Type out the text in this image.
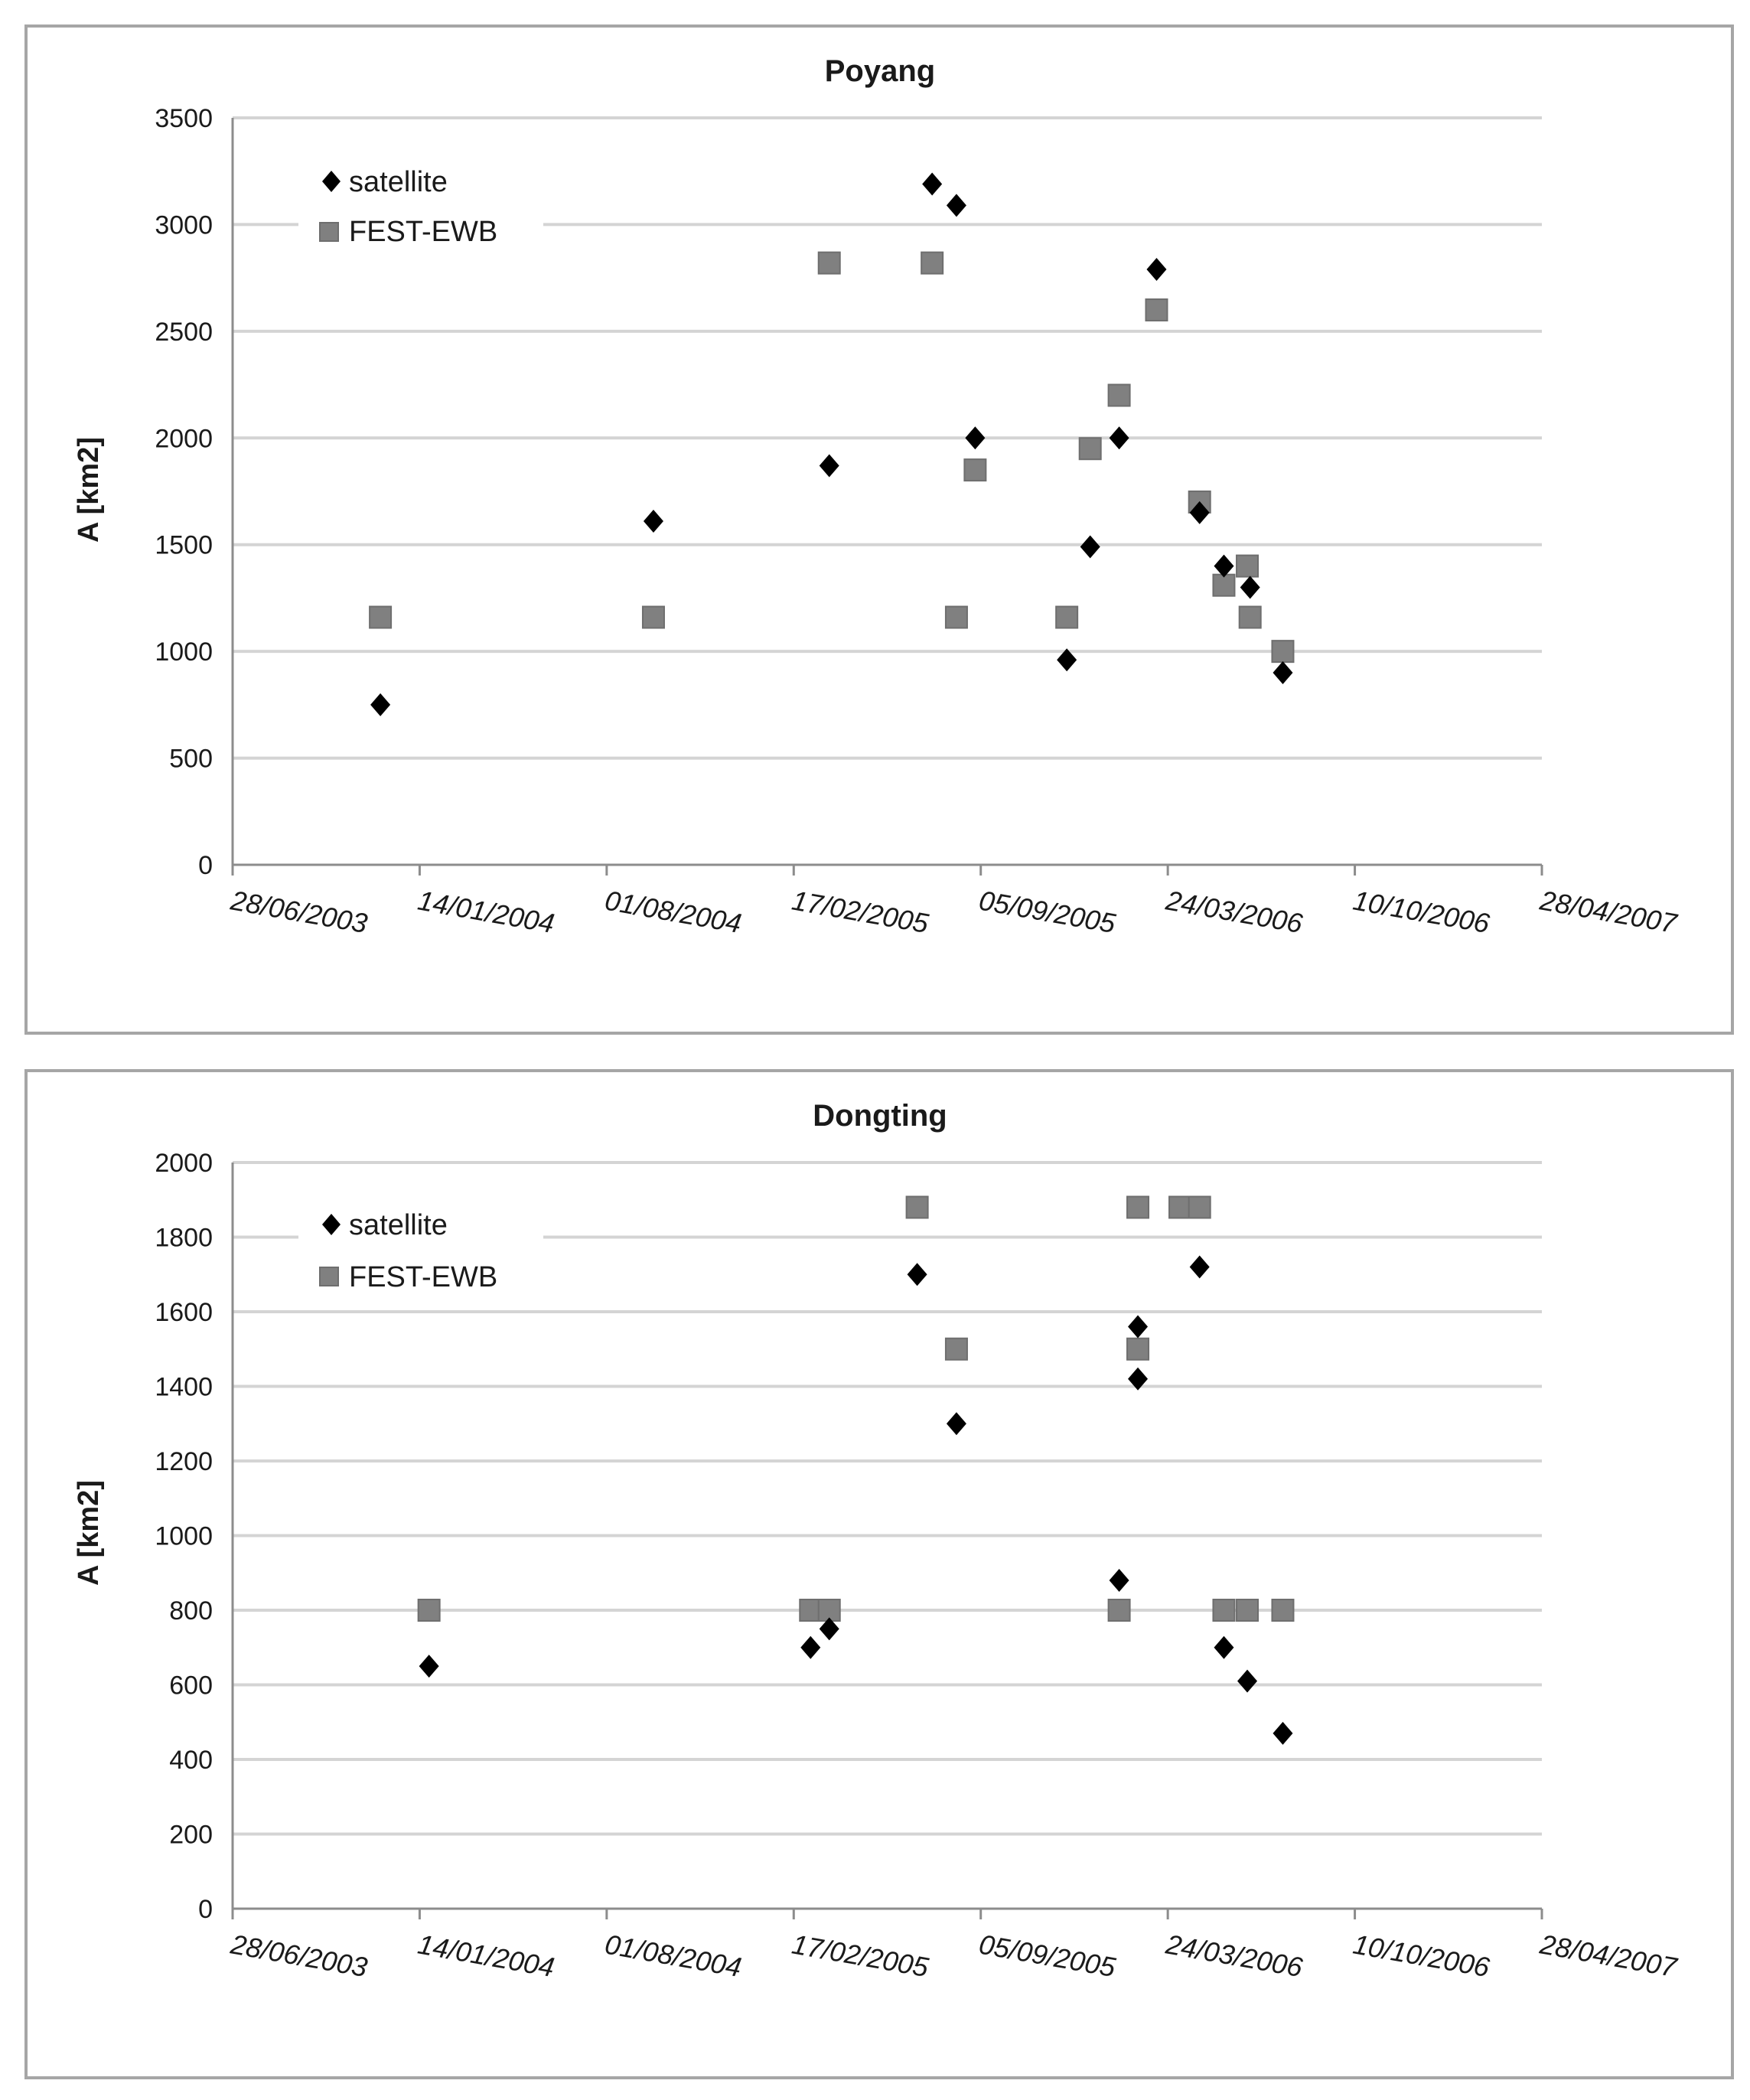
Poyang
A [km2]
0
500
1000
1500
2000
2500
3000
3500
28/06/2003 14/01/2004 01/08/2004 17/02/2005 05/09/2005 24/03/2006 10/10/2006 28/04/2007
satellite
FEST-EWB
Dongting
A [km2]
0
200
400
600
800
1000
1200
1400
1600
1800
2000
28/06/2003 14/01/2004 01/08/2004 17/02/2005 05/09/2005 24/03/2006 10/10/2006 28/04/2007
satellite
FEST-EWB
